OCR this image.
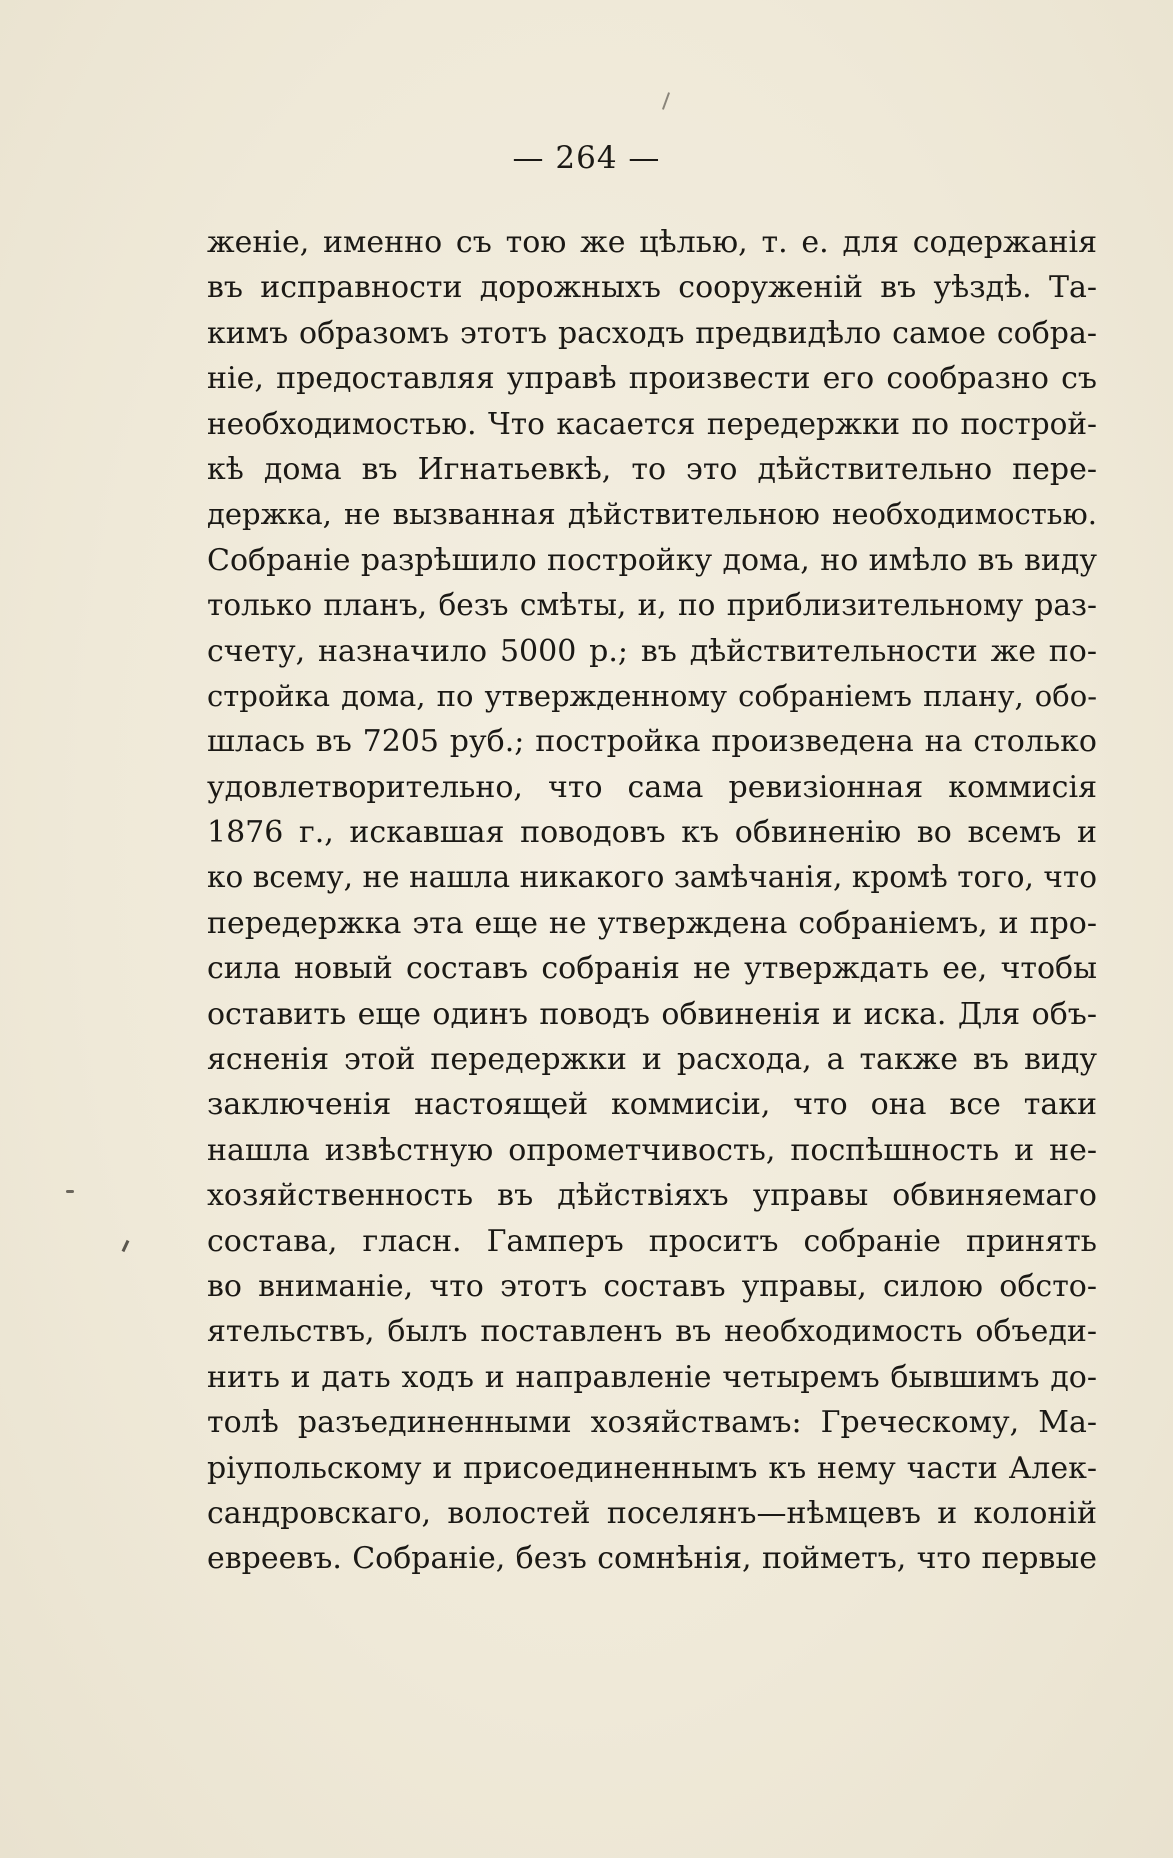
— 264 —
женіе, именно съ тою же цѣлью, т. е. для содержанія
въ исправности дорожныхъ сооруженій въ уѣздѣ. Та-
кимъ образомъ этотъ расходъ предвидѣло самое собра-
ніе, предоставляя управѣ произвести его сообразно съ
необходимостью. Что касается передержки по построй-
кѣ дома въ Игнатьевкѣ, то это дѣйствительно пере-
держка, не вызванная дѣйствительною необходимостью.
Собраніе разрѣшило постройку дома, но имѣло въ виду
только планъ, безъ смѣты, и, по приблизительному раз-
счету, назначило 5000 р.; въ дѣйствительности же по-
стройка дома, по утвержденному собраніемъ плану, обо-
шлась въ 7205 руб.; постройка произведена на столько
удовлетворительно, что сама ревизіонная коммисія
1876 г., искавшая поводовъ къ обвиненію во всемъ и
ко всему, не нашла никакого замѣчанія, кромѣ того, что
передержка эта еще не утверждена собраніемъ, и про-
сила новый составъ собранія не утверждать ее, чтобы
оставить еще одинъ поводъ обвиненія и иска. Для объ-
ясненія этой передержки и расхода, а также въ виду
заключенія настоящей коммисіи, что она все таки
нашла извѣстную опрометчивость, поспѣшность и не-
хозяйственность въ дѣйствіяхъ управы обвиняемаго
состава, гласн. Гамперъ проситъ собраніе принять
во вниманіе, что этотъ составъ управы, силою обсто-
ятельствъ, былъ поставленъ въ необходимость объеди-
нить и дать ходъ и направленіе четыремъ бывшимъ до-
толѣ разъединенными хозяйствамъ: Греческому, Ма-
ріупольскому и присоединеннымъ къ нему части Алек-
сандровскаго, волостей поселянъ—нѣмцевъ и колоній
евреевъ. Собраніе, безъ сомнѣнія, пойметъ, что первые
